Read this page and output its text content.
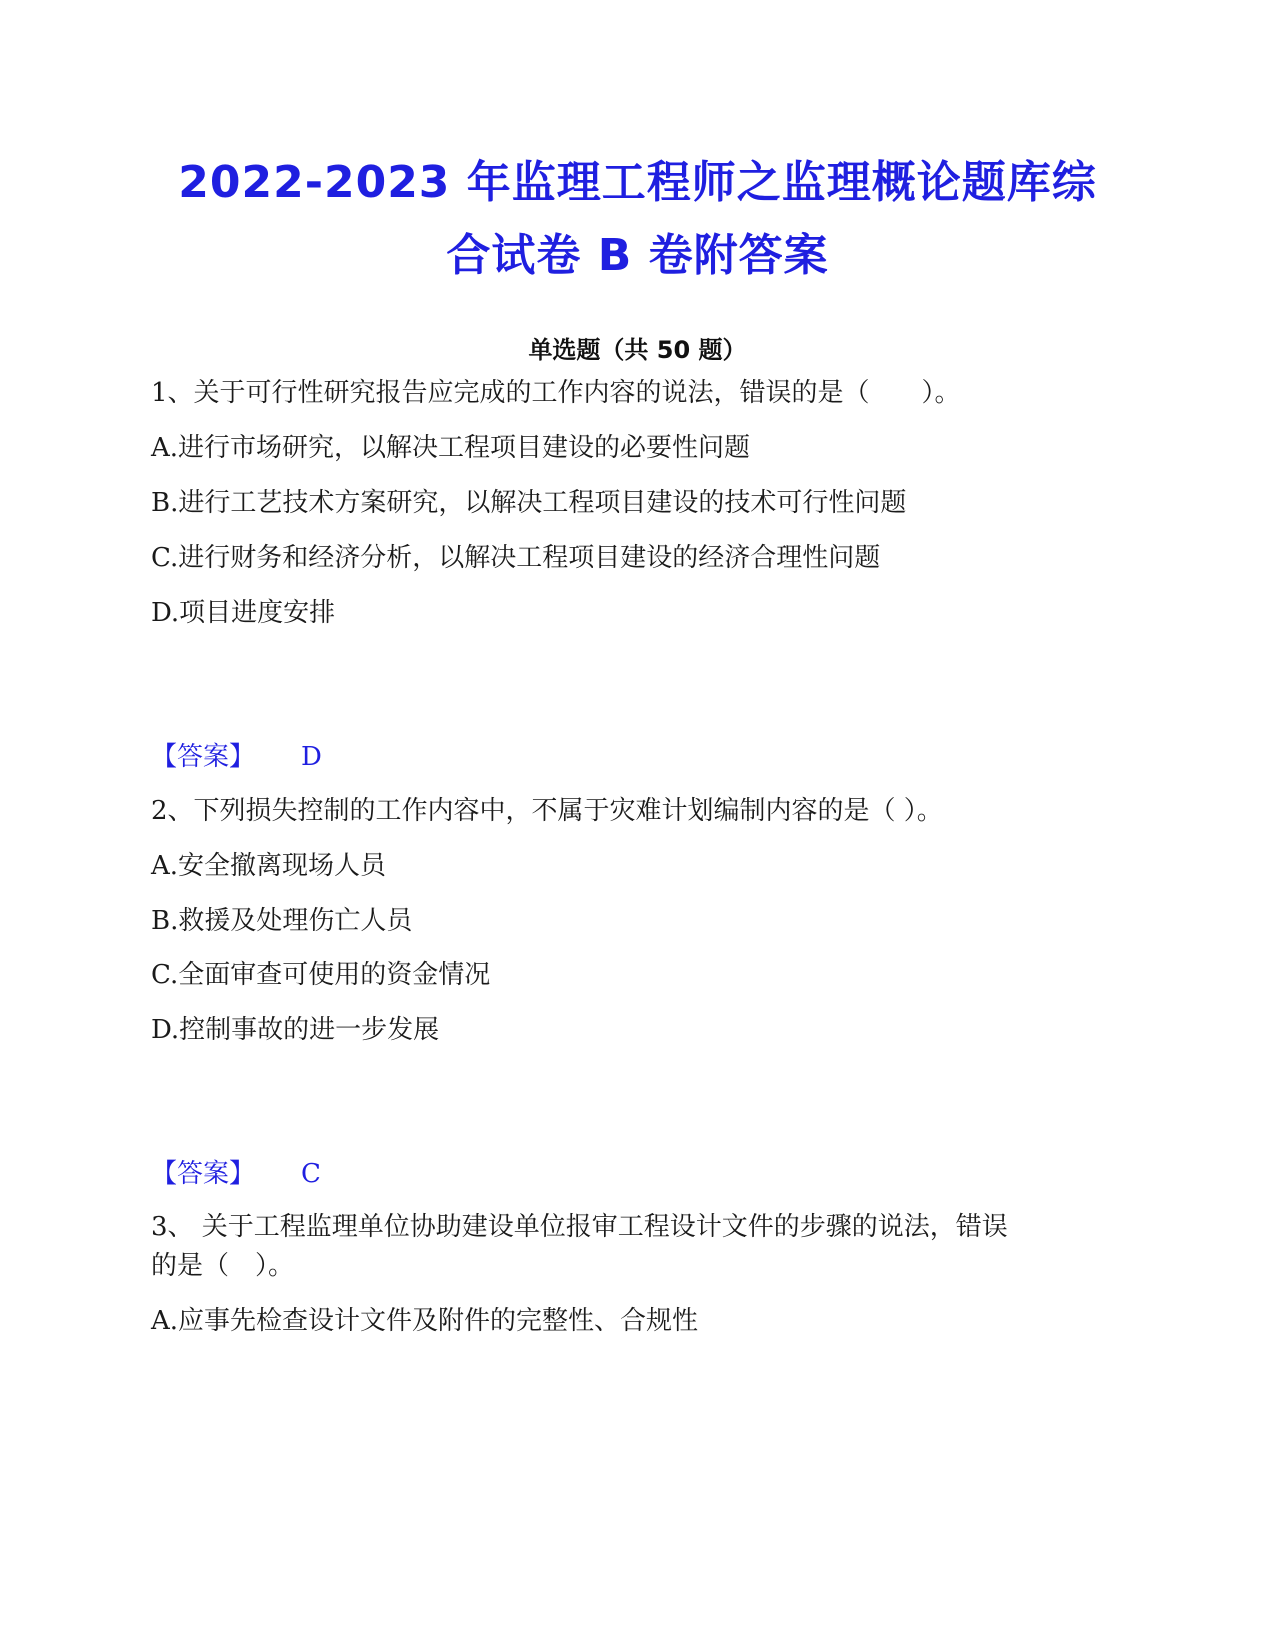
2022-2023 年监理工程师之监理概论题库综
合试卷 B 卷附答案
单选题（共 50 题）
1、关于可行性研究报告应完成的工作内容的说法，错误的是（　　）。
A.进行市场研究，以解决工程项目建设的必要性问题
B.进行工艺技术方案研究，以解决工程项目建设的技术可行性问题
C.进行财务和经济分析，以解决工程项目建设的经济合理性问题
D.项目进度安排
【答案】 D
2、下列损失控制的工作内容中，不属于灾难计划编制内容的是（ ）。
A.安全撤离现场人员
B.救援及处理伤亡人员
C.全面审查可使用的资金情况
D.控制事故的进一步发展
【答案】 C
3、 关于工程监理单位协助建设单位报审工程设计文件的步骤的说法，错误
的是（　）。
A.应事先检查设计文件及附件的完整性、合规性
